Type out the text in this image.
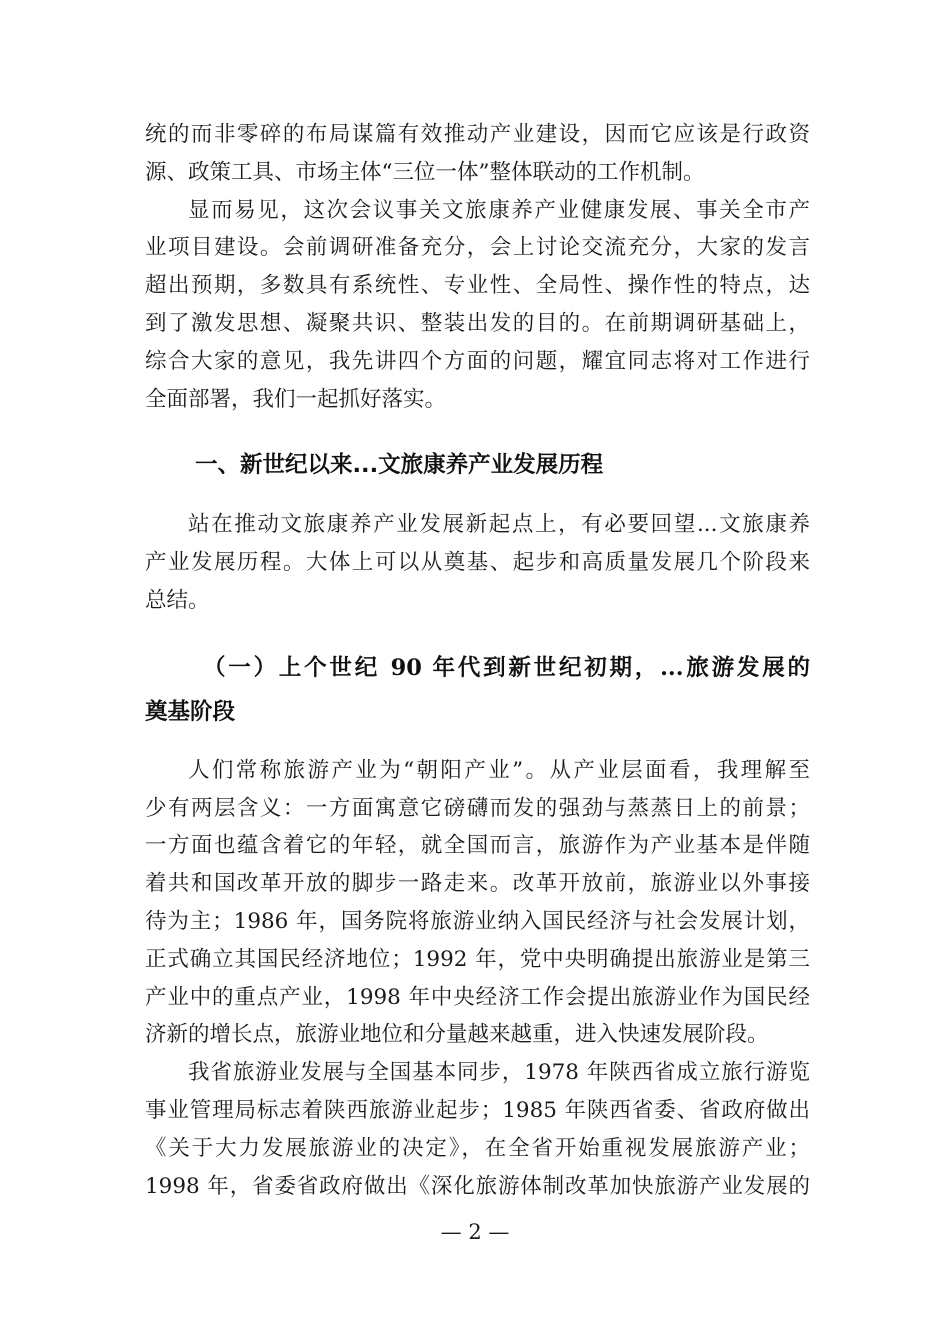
统的而非零碎的布局谋篇有效推动产业建设，因而它应该是行政资
源、政策工具、市场主体“三位一体”整体联动的工作机制。
显而易见，这次会议事关文旅康养产业健康发展、事关全市产
业项目建设。会前调研准备充分，会上讨论交流充分，大家的发言
超出预期，多数具有系统性、专业性、全局性、操作性的特点，达
到了激发思想、凝聚共识、整装出发的目的。在前期调研基础上，
综合大家的意见，我先讲四个方面的问题，耀宜同志将对工作进行
全面部署，我们一起抓好落实。
一、新世纪以来...文旅康养产业发展历程
站在推动文旅康养产业发展新起点上，有必要回望...文旅康养
产业发展历程。大体上可以从奠基、起步和高质量发展几个阶段来
总结。
（一）上个世纪 90 年代到新世纪初期，...旅游发展的
奠基阶段
人们常称旅游产业为“朝阳产业”。从产业层面看，我理解至
少有两层含义：一方面寓意它磅礴而发的强劲与蒸蒸日上的前景；
一方面也蕴含着它的年轻，就全国而言，旅游作为产业基本是伴随
着共和国改革开放的脚步一路走来。改革开放前，旅游业以外事接
待为主；1986 年，国务院将旅游业纳入国民经济与社会发展计划，
正式确立其国民经济地位；1992 年，党中央明确提出旅游业是第三
产业中的重点产业，1998 年中央经济工作会提出旅游业作为国民经
济新的增长点，旅游业地位和分量越来越重，进入快速发展阶段。
我省旅游业发展与全国基本同步，1978 年陕西省成立旅行游览
事业管理局标志着陕西旅游业起步；1985 年陕西省委、省政府做出
《关于大力发展旅游业的决定》，在全省开始重视发展旅游产业；
1998 年，省委省政府做出《深化旅游体制改革加快旅游产业发展的
— 2 —
